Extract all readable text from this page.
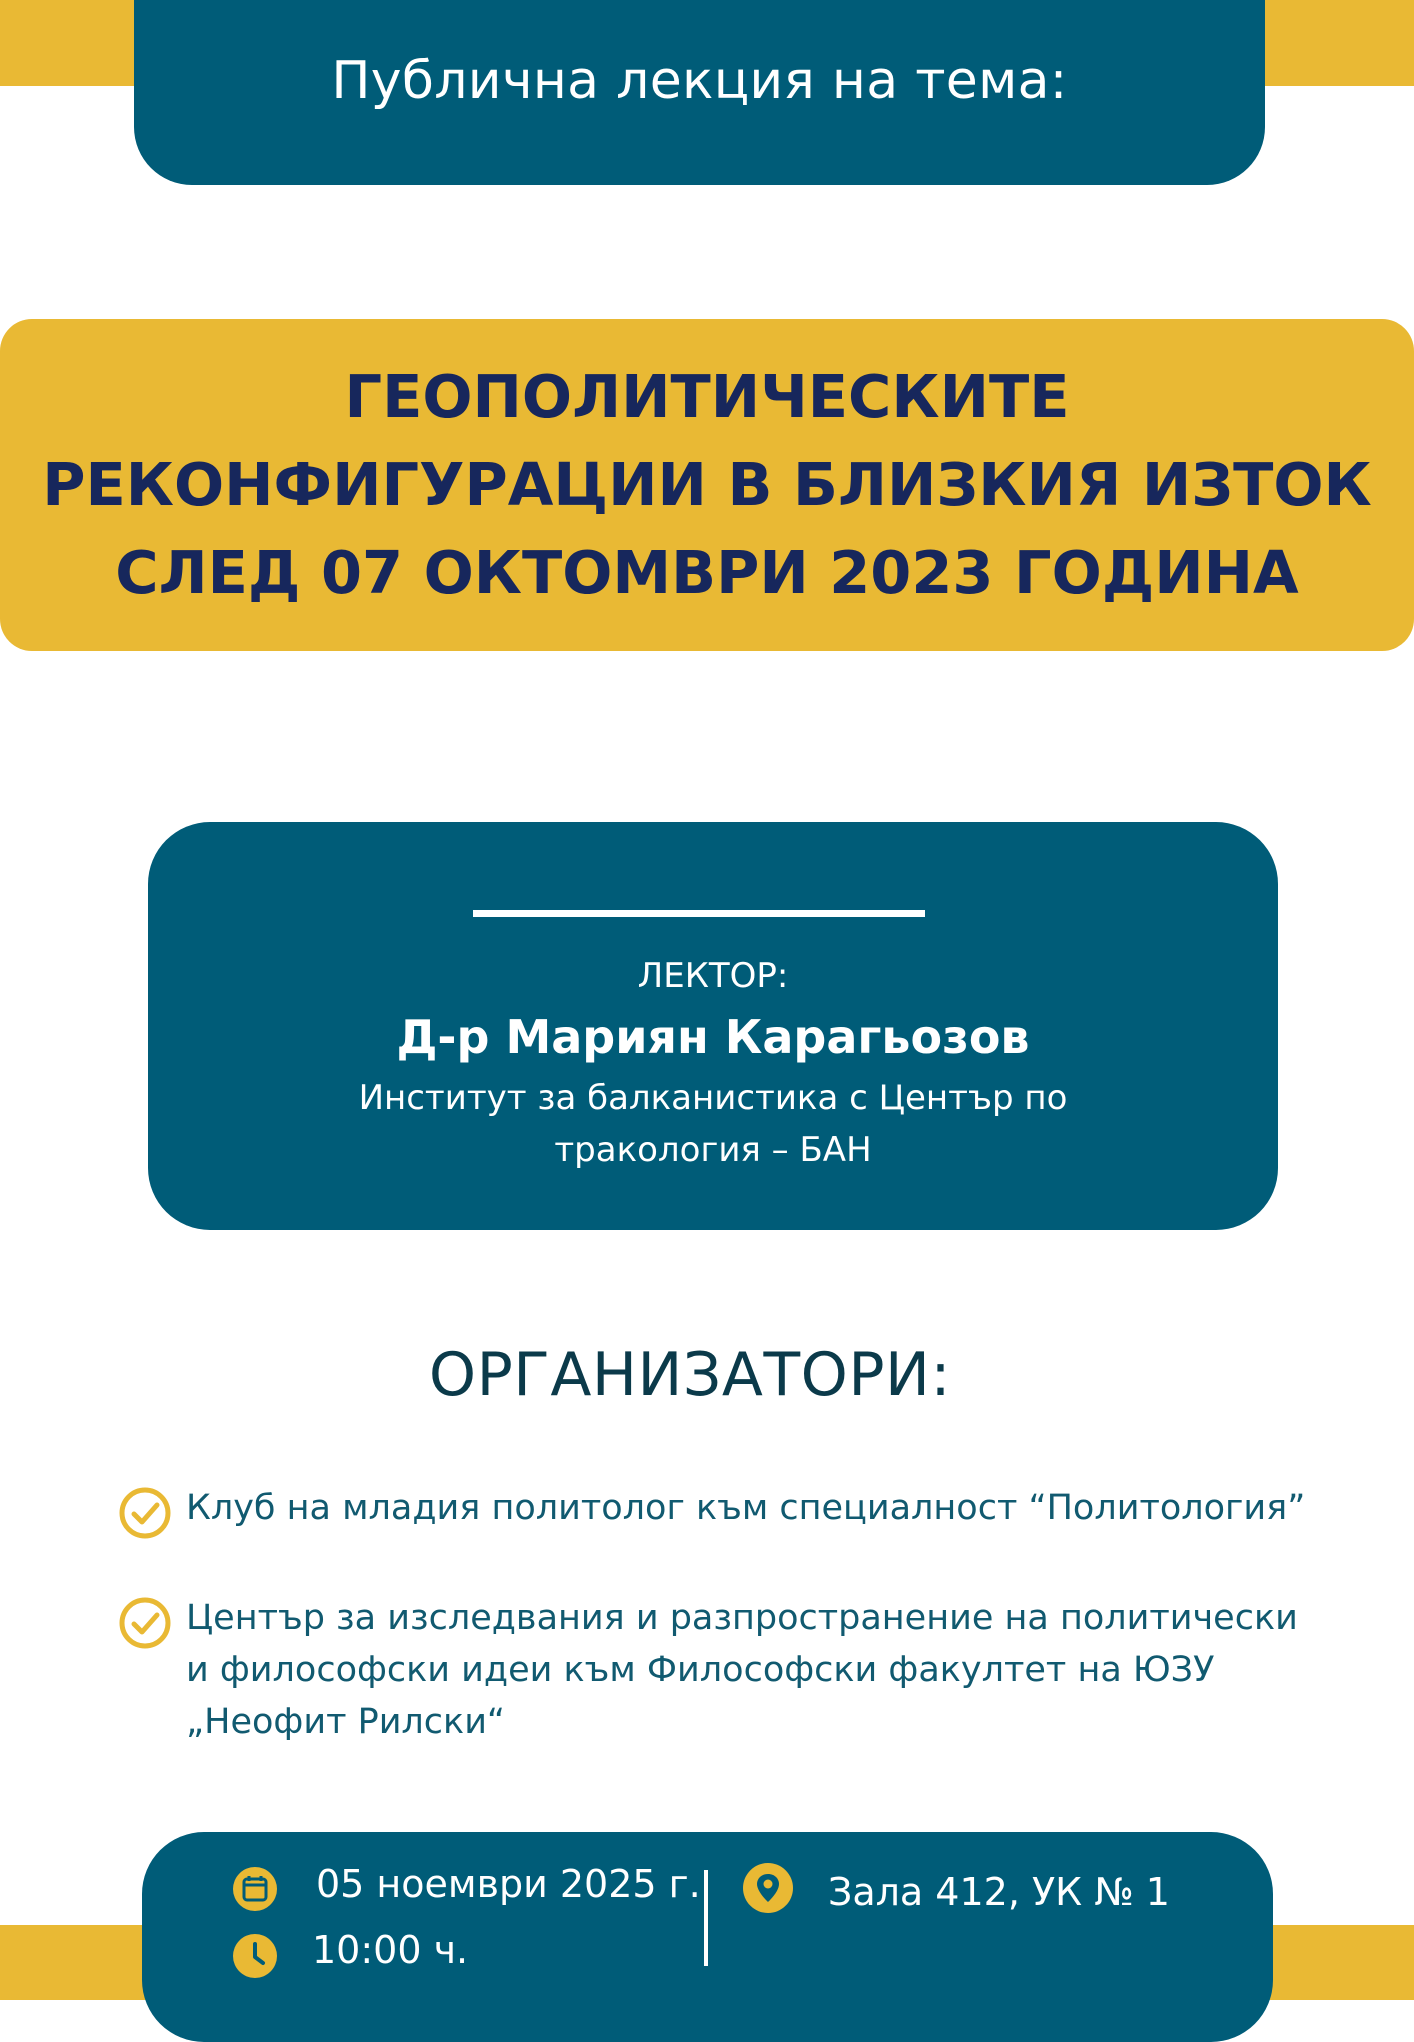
Публична лекция на тема:
ГЕОПОЛИТИЧЕСКИТЕ
РЕКОНФИГУРАЦИИ В БЛИЗКИЯ ИЗТОК
СЛЕД 07 ОКТОМВРИ 2023 ГОДИНА
ЛЕКТОР:
Д-р Мариян Карагьозов
Институт за балканистика с Център по
тракология – БАН
ОРГАНИЗАТОРИ:
Клуб на младия политолог към специалност “Политология”
Център за изследвания и разпространение на политически и философски идеи към Философски факултет на ЮЗУ „Неофит Рилски“
05 ноември 2025 г.
10:00 ч.
Зала 412, УК № 1
